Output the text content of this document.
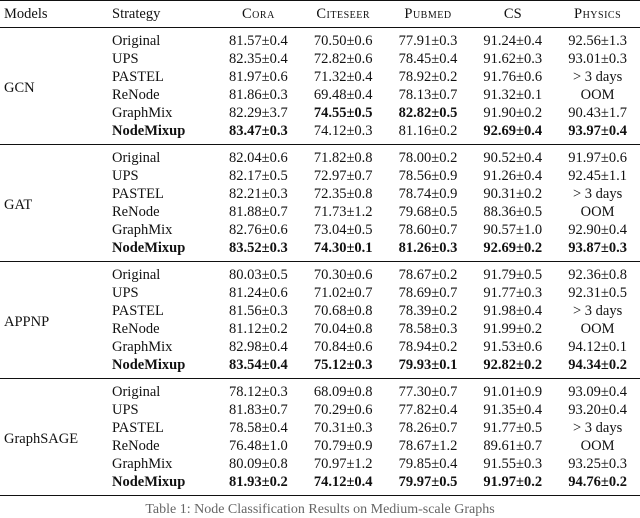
Models	Strategy	Cora	Citeseer	Pubmed	CS	Physics
GCN	Original	81.57±0.4	70.50±0.6	77.91±0.3	91.24±0.4	92.56±1.3
	UPS	82.35±0.4	72.82±0.6	78.45±0.4	91.62±0.3	93.01±0.3
	PASTEL	81.97±0.6	71.32±0.4	78.92±0.2	91.76±0.6	> 3 days
	ReNode	81.86±0.3	69.48±0.4	78.13±0.7	91.32±0.1	OOM
	GraphMix	82.29±3.7	74.55±0.5	82.82±0.5	91.90±0.2	90.43±1.7
	NodeMixup	83.47±0.3	74.12±0.3	81.16±0.2	92.69±0.4	93.97±0.4
GAT	Original	82.04±0.6	71.82±0.8	78.00±0.2	90.52±0.4	91.97±0.6
	UPS	82.17±0.5	72.97±0.7	78.56±0.9	91.26±0.4	92.45±1.1
	PASTEL	82.21±0.3	72.35±0.8	78.74±0.9	90.31±0.2	> 3 days
	ReNode	81.88±0.7	71.73±1.2	79.68±0.5	88.36±0.5	OOM
	GraphMix	82.76±0.6	73.04±0.5	78.60±0.7	90.57±1.0	92.90±0.4
	NodeMixup	83.52±0.3	74.30±0.1	81.26±0.3	92.69±0.2	93.87±0.3
APPNP	Original	80.03±0.5	70.30±0.6	78.67±0.2	91.79±0.5	92.36±0.8
	UPS	81.24±0.6	71.02±0.7	78.69±0.7	91.77±0.3	92.31±0.5
	PASTEL	81.56±0.3	70.68±0.8	78.39±0.2	91.98±0.4	> 3 days
	ReNode	81.12±0.2	70.04±0.8	78.58±0.3	91.99±0.2	OOM
	GraphMix	82.98±0.4	70.84±0.6	78.94±0.2	91.53±0.6	94.12±0.1
	NodeMixup	83.54±0.4	75.12±0.3	79.93±0.1	92.82±0.2	94.34±0.2
GraphSAGE	Original	78.12±0.3	68.09±0.8	77.30±0.7	91.01±0.9	93.09±0.4
	UPS	81.83±0.7	70.29±0.6	77.82±0.4	91.35±0.4	93.20±0.4
	PASTEL	78.58±0.4	70.31±0.3	78.26±0.7	91.77±0.5	> 3 days
	ReNode	76.48±1.0	70.79±0.9	78.67±1.2	89.61±0.7	OOM
	GraphMix	80.09±0.8	70.97±1.2	79.85±0.4	91.55±0.3	93.25±0.3
	NodeMixup	81.93±0.2	74.12±0.4	79.97±0.5	91.97±0.2	94.76±0.2
Table 1: Node Classification Results on Medium-scale Graphs
